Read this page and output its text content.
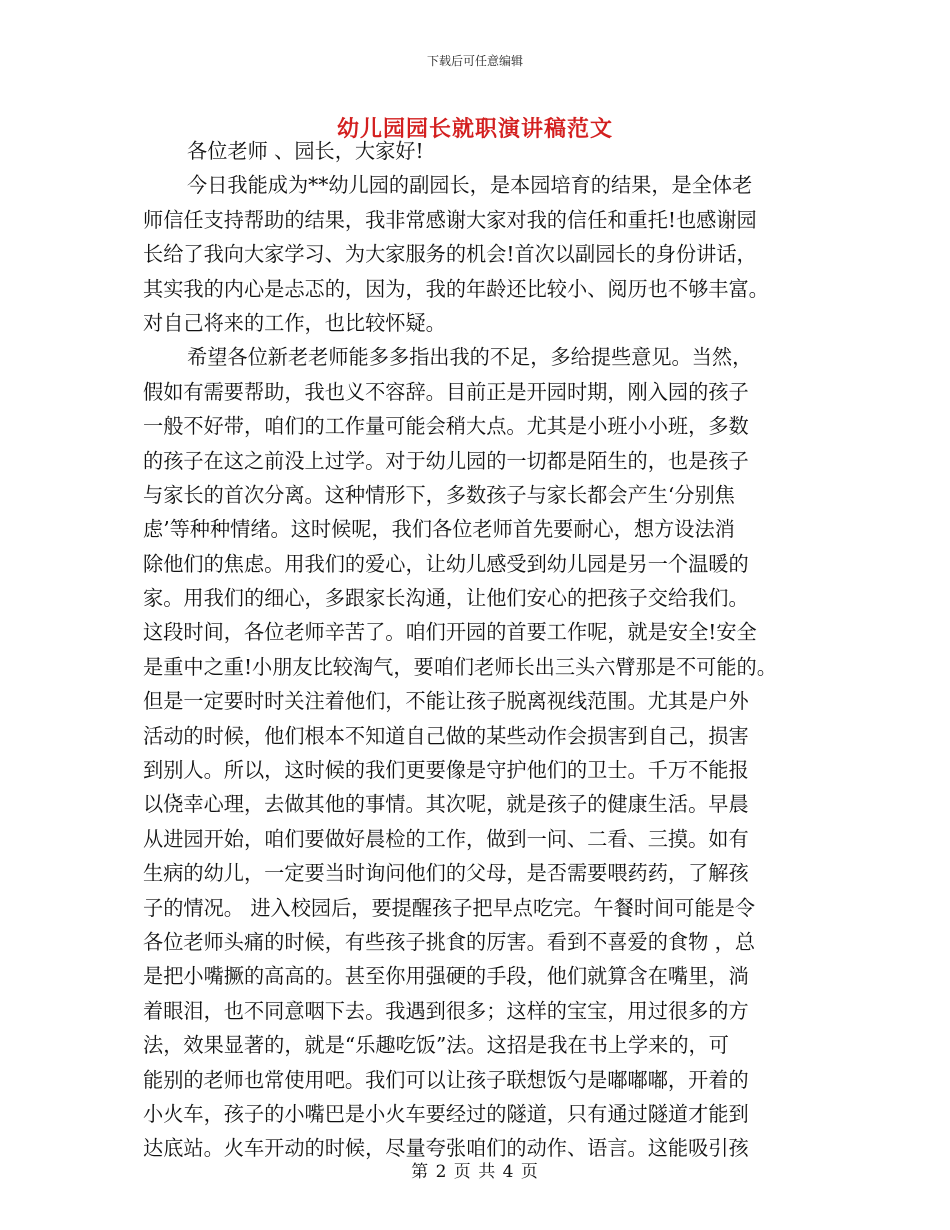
下载后可任意编辑
幼儿园园长就职演讲稿范文
各位老师 、园长，大家好!
今日我能成为**幼儿园的副园长，是本园培育的结果，是全体老
师信任支持帮助的结果，我非常感谢大家对我的信任和重托!也感谢园
长给了我向大家学习、为大家服务的机会!首次以副园长的身份讲话，
其实我的内心是忐忑的，因为，我的年龄还比较小、阅历也不够丰富。
对自己将来的工作，也比较怀疑。
希望各位新老老师能多多指出我的不足，多给提些意见。当然，
假如有需要帮助，我也义不容辞。目前正是开园时期，刚入园的孩子
一般不好带，咱们的工作量可能会稍大点。尤其是小班小小班，多数
的孩子在这之前没上过学。对于幼儿园的一切都是陌生的，也是孩子
与家长的首次分离。这种情形下，多数孩子与家长都会产生‘分别焦
虑’等种种情绪。这时候呢，我们各位老师首先要耐心，想方设法消
除他们的焦虑。用我们的爱心，让幼儿感受到幼儿园是另一个温暖的
家。用我们的细心，多跟家长沟通，让他们安心的把孩子交给我们。
这段时间，各位老师辛苦了。咱们开园的首要工作呢，就是安全!安全
是重中之重!小朋友比较淘气，要咱们老师长出三头六臂那是不可能的。
但是一定要时时关注着他们，不能让孩子脱离视线范围。尤其是户外
活动的时候，他们根本不知道自己做的某些动作会损害到自己，损害
到别人。所以，这时候的我们更要像是守护他们的卫士。千万不能报
以侥幸心理，去做其他的事情。其次呢，就是孩子的健康生活。早晨
从进园开始，咱们要做好晨检的工作，做到一问、二看、三摸。如有
生病的幼儿，一定要当时询问他们的父母，是否需要喂药药，了解孩
子的情况。 进入校园后，要提醒孩子把早点吃完。午餐时间可能是令
各位老师头痛的时候，有些孩子挑食的厉害。看到不喜爱的食物 ，总
是把小嘴撅的高高的。甚至你用强硬的手段，他们就算含在嘴里，淌
着眼泪，也不同意咽下去。我遇到很多；这样的宝宝，用过很多的方
法，效果显著的，就是“乐趣吃饭”法。这招是我在书上学来的，可
能别的老师也常使用吧。我们可以让孩子联想饭勺是嘟嘟嘟，开着的
小火车，孩子的小嘴巴是小火车要经过的隧道，只有通过隧道才能到
达底站。火车开动的时候，尽量夸张咱们的动作、语言。这能吸引孩
第 2 页 共 4 页
